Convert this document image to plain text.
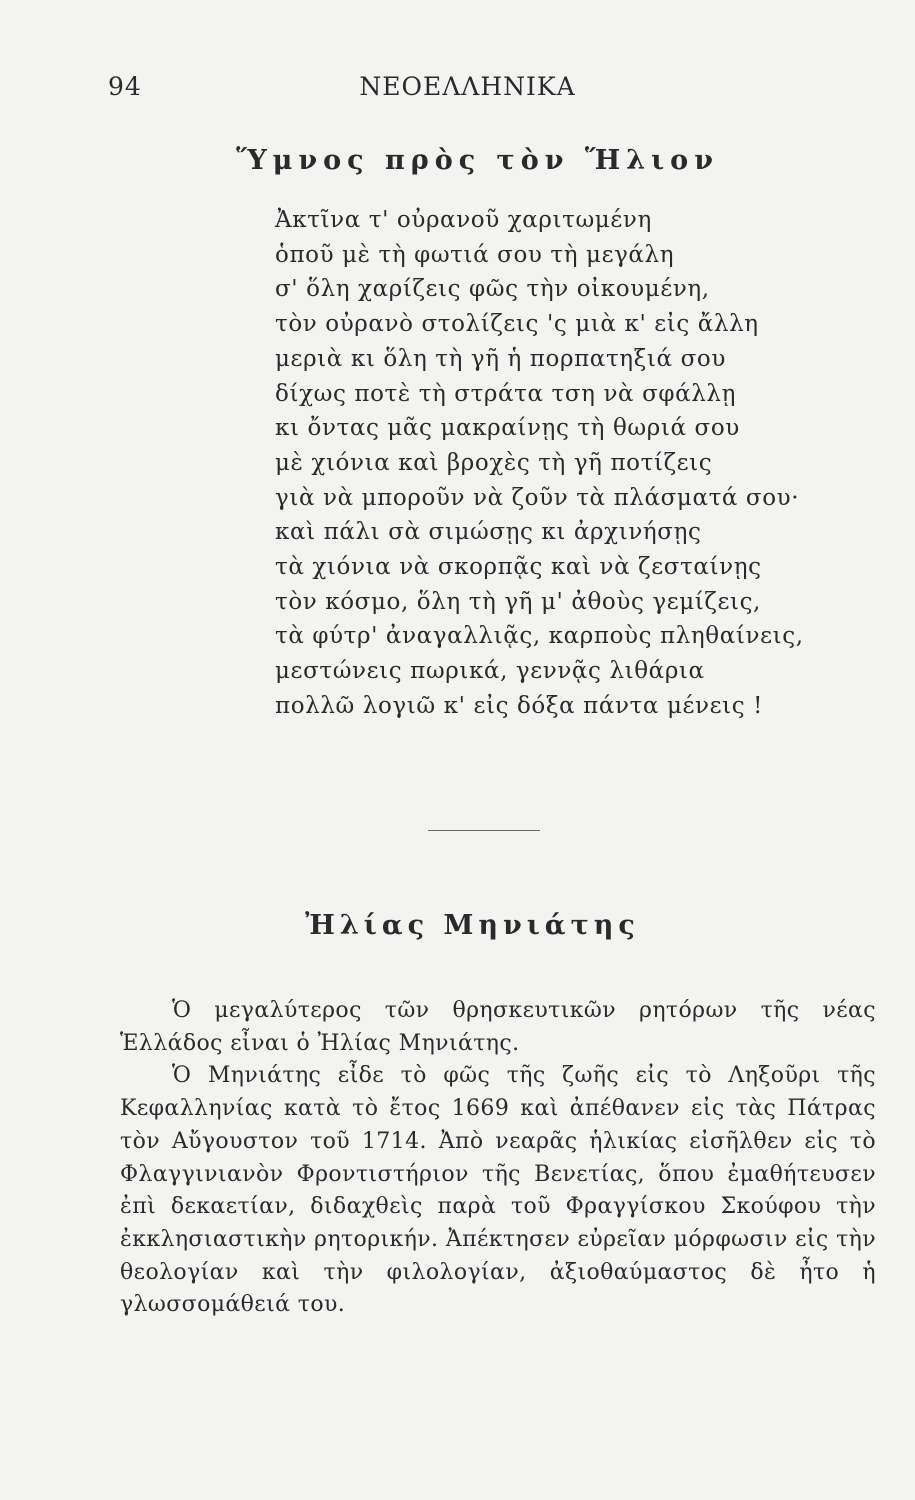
94	ΝΕΟΕΛΛΗΝΙΚΑ
Ὕμνος πρὸς τὸν Ἥλιον
Ἀκτῖνα τ' οὐρανοῦ χαριτωμένη
ὁποῦ μὲ τὴ φωτιά σου τὴ μεγάλη
σ' ὅλη χαρίζεις φῶς τὴν οἰκουμένη,
τὸν οὐρανὸ στολίζεις 'ς μιὰ κ' εἰς ἄλλη
μεριὰ κι ὅλη τὴ γῆ ἡ πορπατηξιά σου
δίχως ποτὲ τὴ στράτα τση νὰ σφάλλῃ
κι ὄντας μᾶς μακραίνῃς τὴ θωριά σου
μὲ χιόνια καὶ βροχὲς τὴ γῆ ποτίζεις
γιὰ νὰ μποροῦν νὰ ζοῦν τὰ πλάσματά σου·
καὶ πάλι σὰ σιμώσῃς κι ἀρχινήσῃς
τὰ χιόνια νὰ σκορπᾷς καὶ νὰ ζεσταίνῃς
τὸν κόσμο, ὅλη τὴ γῆ μ' ἀθοὺς γεμίζεις,
τὰ φύτρ' ἀναγαλλιᾷς, καρποὺς πληθαίνεις,
μεστώνεις πωρικά, γεννᾷς λιθάρια
πολλῶ λογιῶ κ' εἰς δόξα πάντα μένεις !
Ἠλίας Μηνιάτης

Ὁ μεγαλύτερος τῶν θρησκευτικῶν ρητόρων τῆς νέας Ἑλλάδος εἶναι ὁ Ἠλίας Μηνιάτης.

Ὁ Μηνιάτης εἶδε τὸ φῶς τῆς ζωῆς εἰς τὸ Ληξοῦρι τῆς Κεφαλληνίας κατὰ τὸ ἔτος 1669 καὶ ἀπέθανεν εἰς τὰς Πάτρας τὸν Αὔγουστον τοῦ 1714. Ἀπὸ νεαρᾶς ἡλικίας εἰσῆλθεν εἰς τὸ Φλαγγινιανὸν Φροντιστήριον τῆς Βενετίας, ὅπου ἐμαθήτευσεν ἐπὶ δεκαετίαν, διδαχθεὶς παρὰ τοῦ Φραγγίσκου Σκούφου τὴν ἐκκλησιαστικὴν ρητορικήν. Ἀπέκτησεν εὐρεῖαν μόρφωσιν εἰς τὴν θεολογίαν καὶ τὴν φιλολογίαν, ἀξιοθαύμαστος δὲ ἦτο ἡ γλωσσομάθειά του.
